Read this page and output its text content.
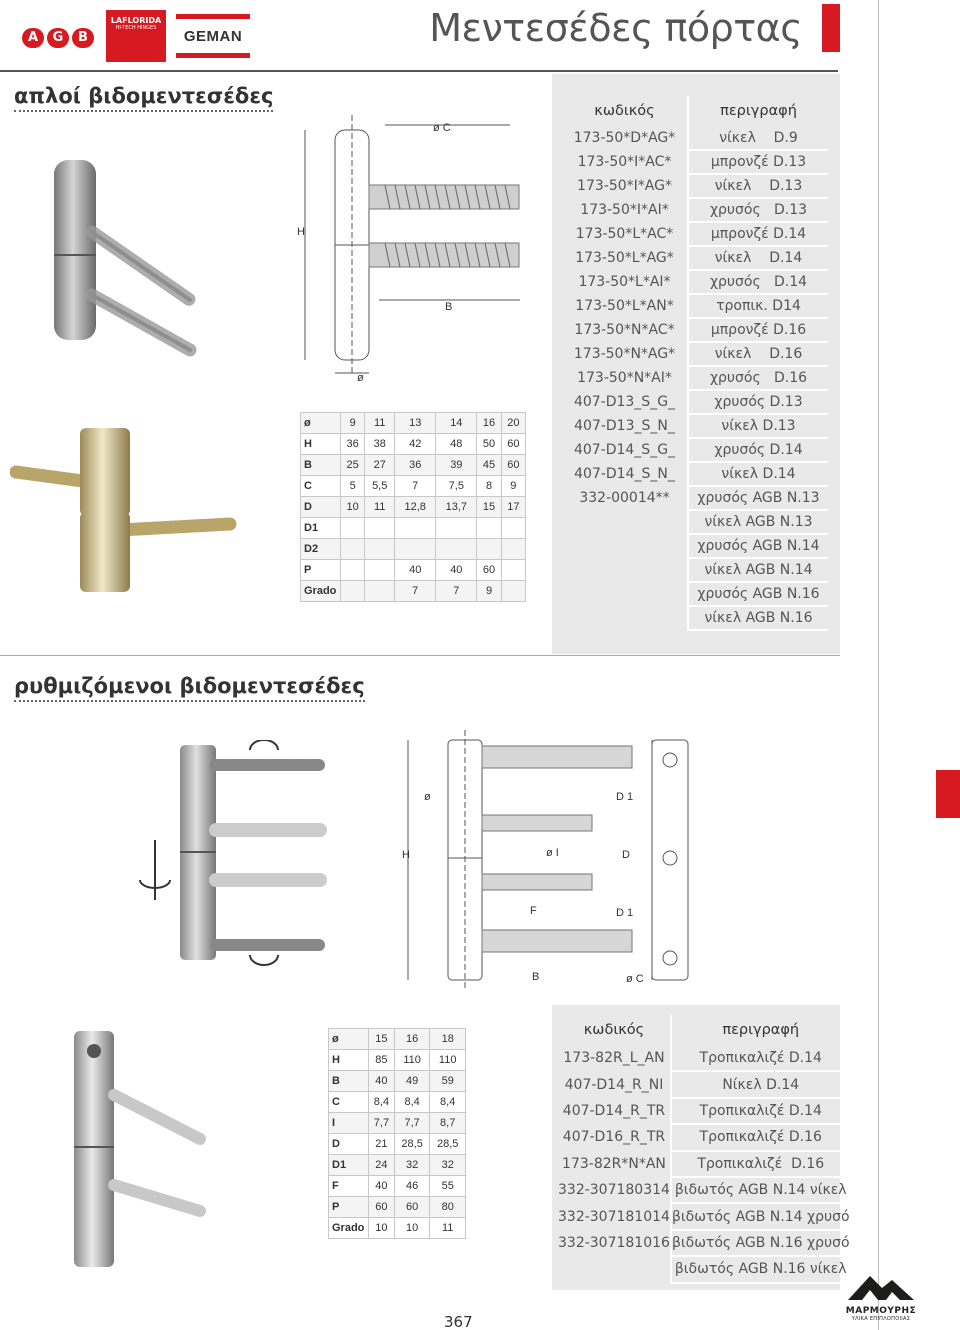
A	G	B
LAFLORIDA
HI-TECH HINGES	GEMAN	Μεντεσέδες πόρτας
απλοί βιδομεντεσέδες
ø C
H
B
ø
ø	9	11	13	14	16	20
H	36	38	42	48	50	60
B	25	27	36	39	45	60
C	5	5,5	7	7,5	8	9
D	10	11	12,8	13,7	15	17
D1						
D2						
P			40	40	60	
Grado			7	7	9	
κωδικός	περιγραφή
173-50*D*AG*	νίκελ    D.9
173-50*I*AC*	μπρονζέ D.13
173-50*I*AG*	νίκελ    D.13
173-50*I*AI*	χρυσός   D.13
173-50*L*AC*	μπρονζέ D.14
173-50*L*AG*	νίκελ    D.14
173-50*L*AI*	χρυσός   D.14
173-50*L*AN*	τροπικ. D14
173-50*N*AC*	μπρονζέ D.16
173-50*N*AG*	νίκελ    D.16
173-50*N*AI*	χρυσός   D.16
407-D13_S_G_	χρυσός D.13
407-D13_S_N_	νίκελ D.13
407-D14_S_G_	χρυσός D.14
407-D14_S_N_	νίκελ D.14
332-00014**	χρυσός AGB N.13
	νίκελ AGB N.13
	χρυσός AGB N.14
	νίκελ AGB N.14
	χρυσός AGB N.16
	νίκελ AGB N.16
ρυθμιζόμενοι βιδομεντεσέδες
ø	D 1
ø I	D
H
D 1
F
B	ø C
ø	15	16	18
H	85	110	110
B	40	49	59
C	8,4	8,4	8,4
I	7,7	7,7	8,7
D	21	28,5	28,5
D1	24	32	32
F	40	46	55
P	60	60	80
Grado	10	10	11
κωδικός	περιγραφή
173-82R_L_AN	Τροπικαλιζέ D.14
407-D14_R_NI	Νίκελ D.14
407-D14_R_TR	Τροπικαλιζέ D.14
407-D16_R_TR	Τροπικαλιζέ D.16
173-82R*N*AN	Τροπικαλιζέ  D.16
332-307180314	βιδωτός AGB N.14 νίκελ
332-307181014	βιδωτός AGB N.14 χρυσό
332-307181016	βιδωτός AGB N.16 χρυσό
	βιδωτός AGB N.16 νίκελ
367
ΜΑΡΜΟΥΡΗΣ
ΥΛΙΚΑ ΕΠΙΠΛΟΠΟΙΙΑΣ
